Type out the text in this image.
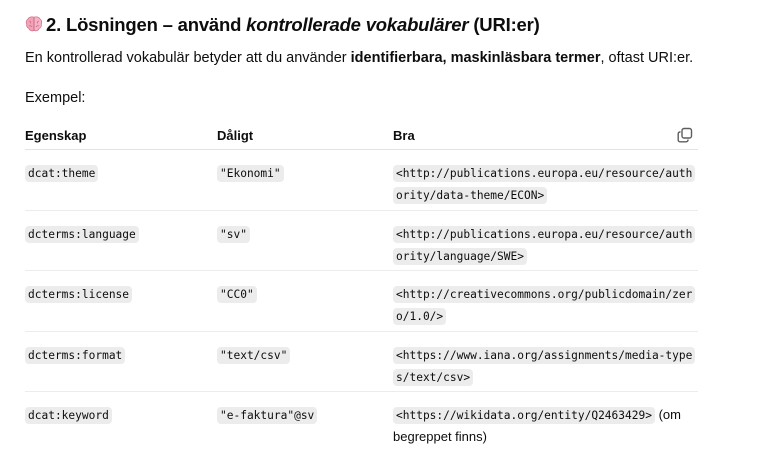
2. Lösningen – använd kontrollerade vokabulärer (URI:er)

En kontrollerad vokabulär betyder att du använder identifierbara, maskinläsbara termer, oftast URI:er.

Exempel:

Egenskap	Dåligt	Bra
dcat:theme	"Ekonomi"	<http://publications.europa.eu/resource/authority/data-theme/ECON>
dcterms:language	"sv"	<http://publications.europa.eu/resource/authority/language/SWE>
dcterms:license	"CC0"	<http://creativecommons.org/publicdomain/zero/1.0/>
dcterms:format	"text/csv"	<https://www.iana.org/assignments/media-types/text/csv>
dcat:keyword	"e-faktura"@sv	<https://wikidata.org/entity/Q2463429> (om begreppet finns)
